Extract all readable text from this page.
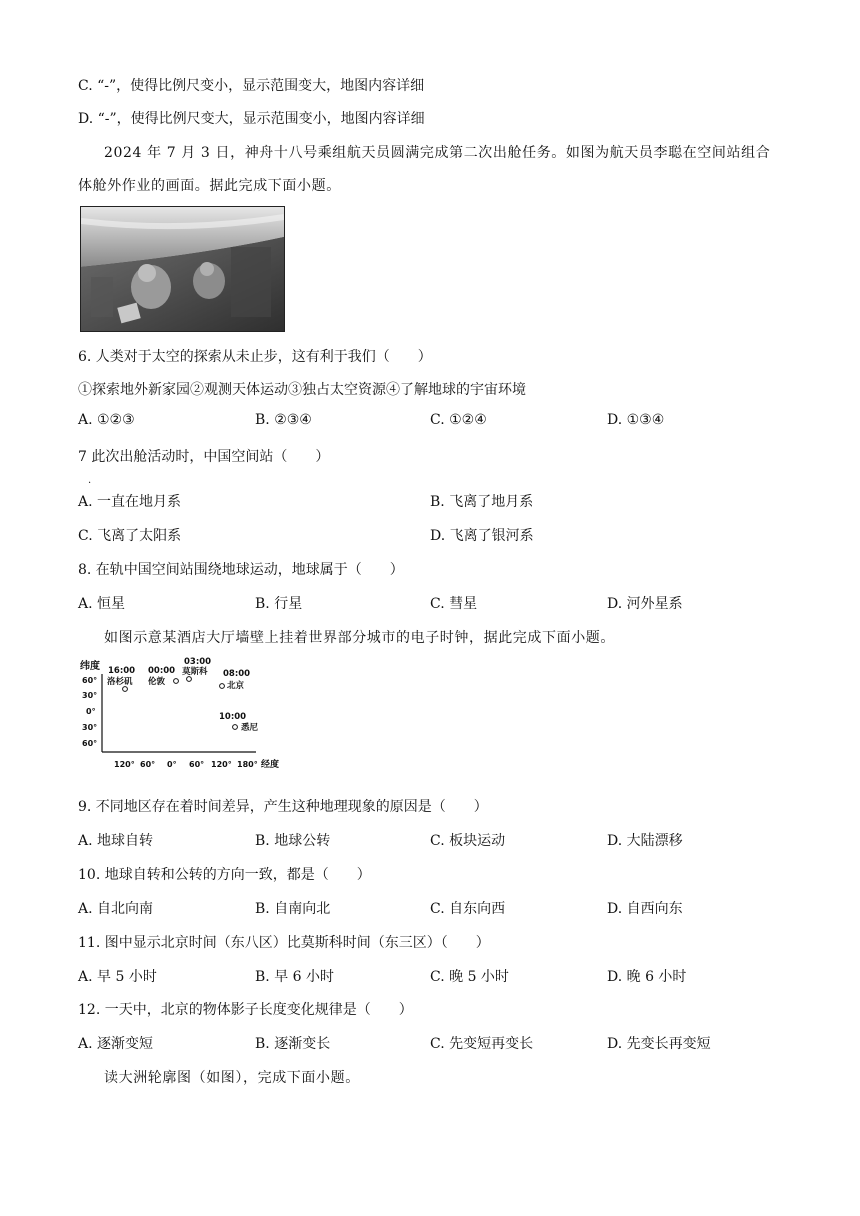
C. “-”，使得比例尺变小，显示范围变大，地图内容详细
D. “-”，使得比例尺变大，显示范围变小，地图内容详细
2024 年 7 月 3 日，神舟十八号乘组航天员圆满完成第二次出舱任务。如图为航天员李聪在空间站组合
体舱外作业的画面。据此完成下面小题。
6. 人类对于太空的探索从未止步，这有利于我们（　　）
①探索地外新家园②观测天体运动③独占太空资源④了解地球的宇宙环境
A. ①②③	B. ②③④	C. ①②④	D. ①③④
7 此次出舱活动时，中国空间站（　　）
.
A. 一直在地月系	B. 飞离了地月系
C. 飞离了太阳系	D. 飞离了银河系
8. 在轨中国空间站围绕地球运动，地球属于（　　）
A. 恒星	B. 行星	C. 彗星	D. 河外星系
如图示意某酒店大厅墙壁上挂着世界部分城市的电子时钟，据此完成下面小题。
纬度
经度
60°
30°
0°
30°
60°
120° 60° 0° 60° 120° 180°
16:00
洛杉矶
00:00
伦敦
03:00
莫斯科 08:00
北京
10:00
悉尼
9. 不同地区存在着时间差异，产生这种地理现象的原因是（　　）
A. 地球自转	B. 地球公转	C. 板块运动	D. 大陆漂移
10. 地球自转和公转的方向一致，都是（　　）
A. 自北向南	B. 自南向北	C. 自东向西	D. 自西向东
11. 图中显示北京时间（东八区）比莫斯科时间（东三区）（　　）
A. 早 5 小时	B. 早 6 小时	C. 晚 5 小时	D. 晚 6 小时
12. 一天中，北京的物体影子长度变化规律是（　　）
A. 逐渐变短	B. 逐渐变长	C. 先变短再变长	D. 先变长再变短
读大洲轮廓图（如图），完成下面小题。
